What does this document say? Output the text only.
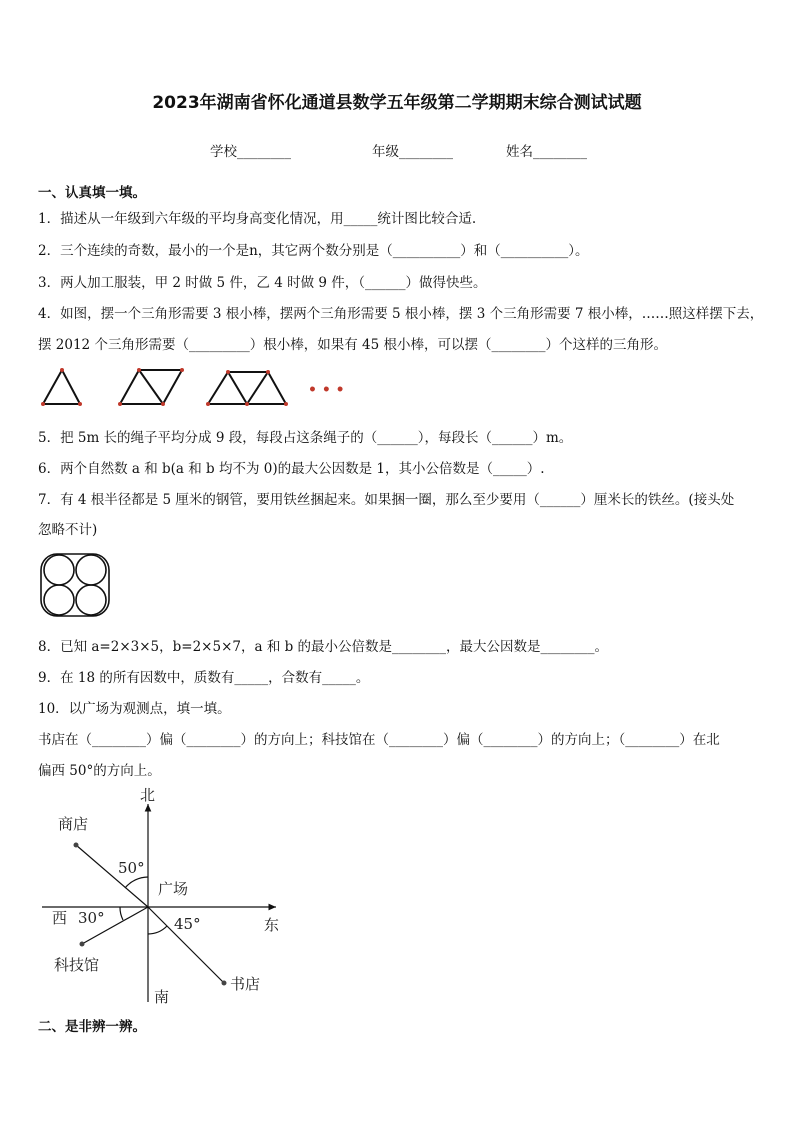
2023年湖南省怀化通道县数学五年级第二学期期末综合测试试题
学校________	年级________	姓名________
一、认真填一填。
1．描述从一年级到六年级的平均身高变化情况，用_____统计图比较合适.
2．三个连续的奇数，最小的一个是n，其它两个数分别是（__________）和（__________）。
3．两人加工服装，甲 2 时做 5 件，乙 4 时做 9 件，（______）做得快些。
4．如图，摆一个三角形需要 3 根小棒，摆两个三角形需要 5 根小棒，摆 3 个三角形需要 7 根小棒，……照这样摆下去，
摆 2012 个三角形需要（_________）根小棒，如果有 45 根小棒，可以摆（________）个这样的三角形。
• • •
5．把 5m 长的绳子平均分成 9 段，每段占这条绳子的（______），每段长（______）m。
6．两个自然数 a 和 b(a 和 b 均不为 0)的最大公因数是 1，其小公倍数是（_____）.
7．有 4 根半径都是 5 厘米的钢管，要用铁丝捆起来。如果捆一圈，那么至少要用（______）厘米长的铁丝。(接头处
忽略不计)
8．已知 a=2×3×5，b=2×5×7，a 和 b 的最小公倍数是________，最大公因数是________。
9．在 18 的所有因数中，质数有_____，合数有_____。
10．以广场为观测点，填一填。
书店在（________）偏（________）的方向上；科技馆在（________）偏（________）的方向上；（________）在北
偏西 50°的方向上。
北
南
东
西
广场
商店
科技馆
书店
50°
30°	45°
二、是非辨一辨。
